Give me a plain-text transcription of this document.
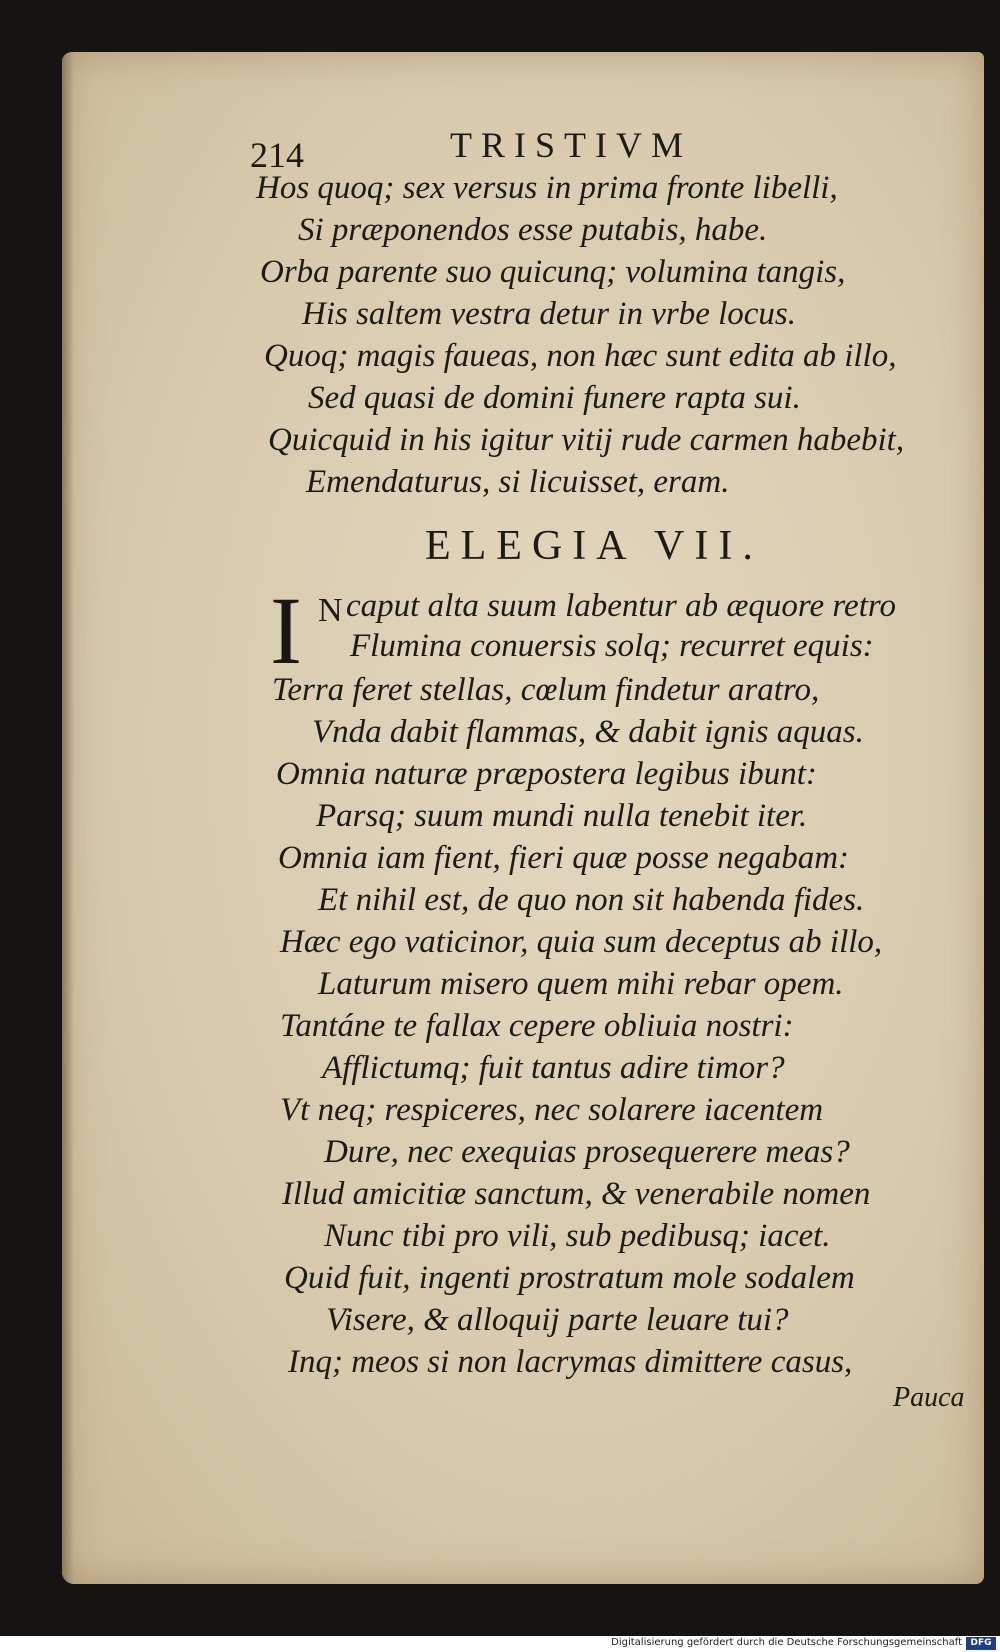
214	TRISTIVM
Hos quoq; sex versus in prima fronte libelli,
Si præponendos esse putabis, habe.
Orba parente suo quicunq; volumina tangis,
His saltem vestra detur in vrbe locus.
Quoq; magis faueas, non hæc sunt edita ab illo,
Sed quasi de domini funere rapta sui.
Quicquid in his igitur vitij rude carmen habebit,
Emendaturus, si licuisset, eram.
ELEGIA VII.
I N caput alta suum labentur ab æquore retro
Flumina conuersis solq; recurret equis:
Terra feret stellas, cœlum findetur aratro,
Vnda dabit flammas, & dabit ignis aquas.
Omnia naturæ præpostera legibus ibunt:
Parsq; suum mundi nulla tenebit iter.
Omnia iam fient, fieri quæ posse negabam:
Et nihil est, de quo non sit habenda fides.
Hæc ego vaticinor, quia sum deceptus ab illo,
Laturum misero quem mihi rebar opem.
Tantáne te fallax cepere obliuia nostri:
Afflictumq; fuit tantus adire timor?
Vt neq; respiceres, nec solarere iacentem
Dure, nec exequias prosequerere meas?
Illud amicitiæ sanctum, & venerabile nomen
Nunc tibi pro vili, sub pedibusq; iacet.
Quid fuit, ingenti prostratum mole sodalem
Visere, & alloquij parte leuare tui?
Inq; meos si non lacrymas dimittere casus,
Pauca
Digitalisierung gefördert durch die Deutsche Forschungsgemeinschaft DFG
